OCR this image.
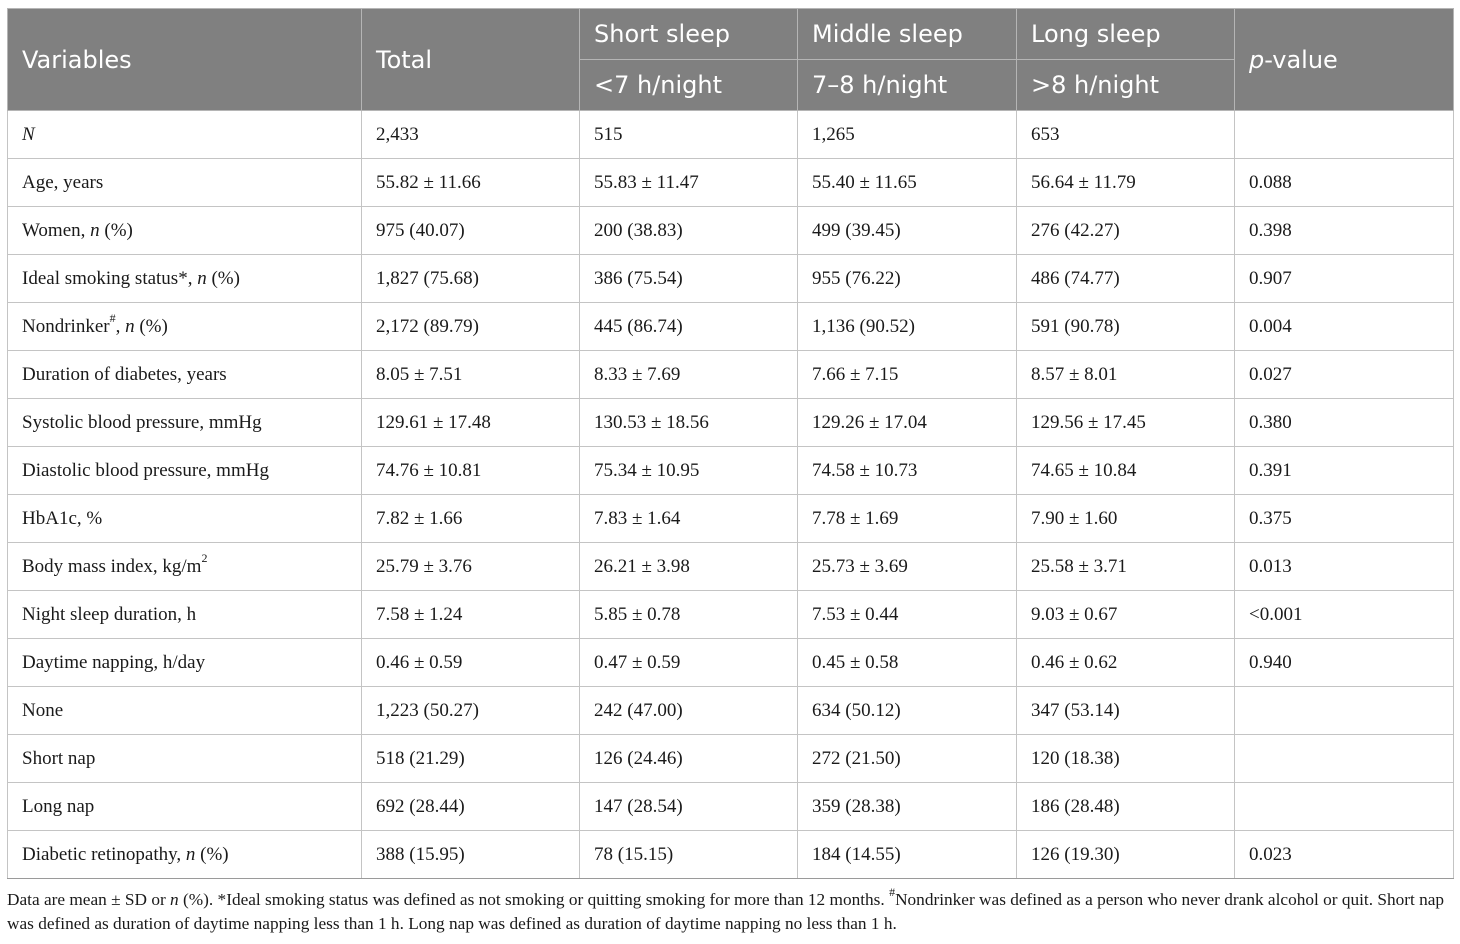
Variables	Total	Short sleep	Middle sleep	Long sleep	p-value
		<7 h/night	7–8 h/night	>8 h/night	
N	2,433	515	1,265	653	
Age, years	55.82 ± 11.66	55.83 ± 11.47	55.40 ± 11.65	56.64 ± 11.79	0.088
Women, n (%)	975 (40.07)	200 (38.83)	499 (39.45)	276 (42.27)	0.398
Ideal smoking status*, n (%)	1,827 (75.68)	386 (75.54)	955 (76.22)	486 (74.77)	0.907
Nondrinker#, n (%)	2,172 (89.79)	445 (86.74)	1,136 (90.52)	591 (90.78)	0.004
Duration of diabetes, years	8.05 ± 7.51	8.33 ± 7.69	7.66 ± 7.15	8.57 ± 8.01	0.027
Systolic blood pressure, mmHg	129.61 ± 17.48	130.53 ± 18.56	129.26 ± 17.04	129.56 ± 17.45	0.380
Diastolic blood pressure, mmHg	74.76 ± 10.81	75.34 ± 10.95	74.58 ± 10.73	74.65 ± 10.84	0.391
HbA1c, %	7.82 ± 1.66	7.83 ± 1.64	7.78 ± 1.69	7.90 ± 1.60	0.375
Body mass index, $kg/m^2$	25.79 ± 3.76	26.21 ± 3.98	25.73 ± 3.69	25.58 ± 3.71	0.013
Night sleep duration, h	7.58 ± 1.24	5.85 ± 0.78	7.53 ± 0.44	9.03 ± 0.67	<0.001
Daytime napping, h/day	0.46 ± 0.59	0.47 ± 0.59	0.45 ± 0.58	0.46 ± 0.62	0.940
None	1,223 (50.27)	242 (47.00)	634 (50.12)	347 (53.14)	
Short nap	518 (21.29)	126 (24.46)	272 (21.50)	120 (18.38)	
Long nap	692 (28.44)	147 (28.54)	359 (28.38)	186 (28.48)	
Diabetic retinopathy, n (%)	388 (15.95)	78 (15.15)	184 (14.55)	126 (19.30)	0.023
Data are mean ± SD or n (%). *Ideal smoking status was defined as not smoking or quitting smoking for more than 12 months. #Nondrinker was defined as a person who never drank alcohol or quit. Short nap was defined as duration of daytime napping less than 1 h. Long nap was defined as duration of daytime napping no less than 1 h.
